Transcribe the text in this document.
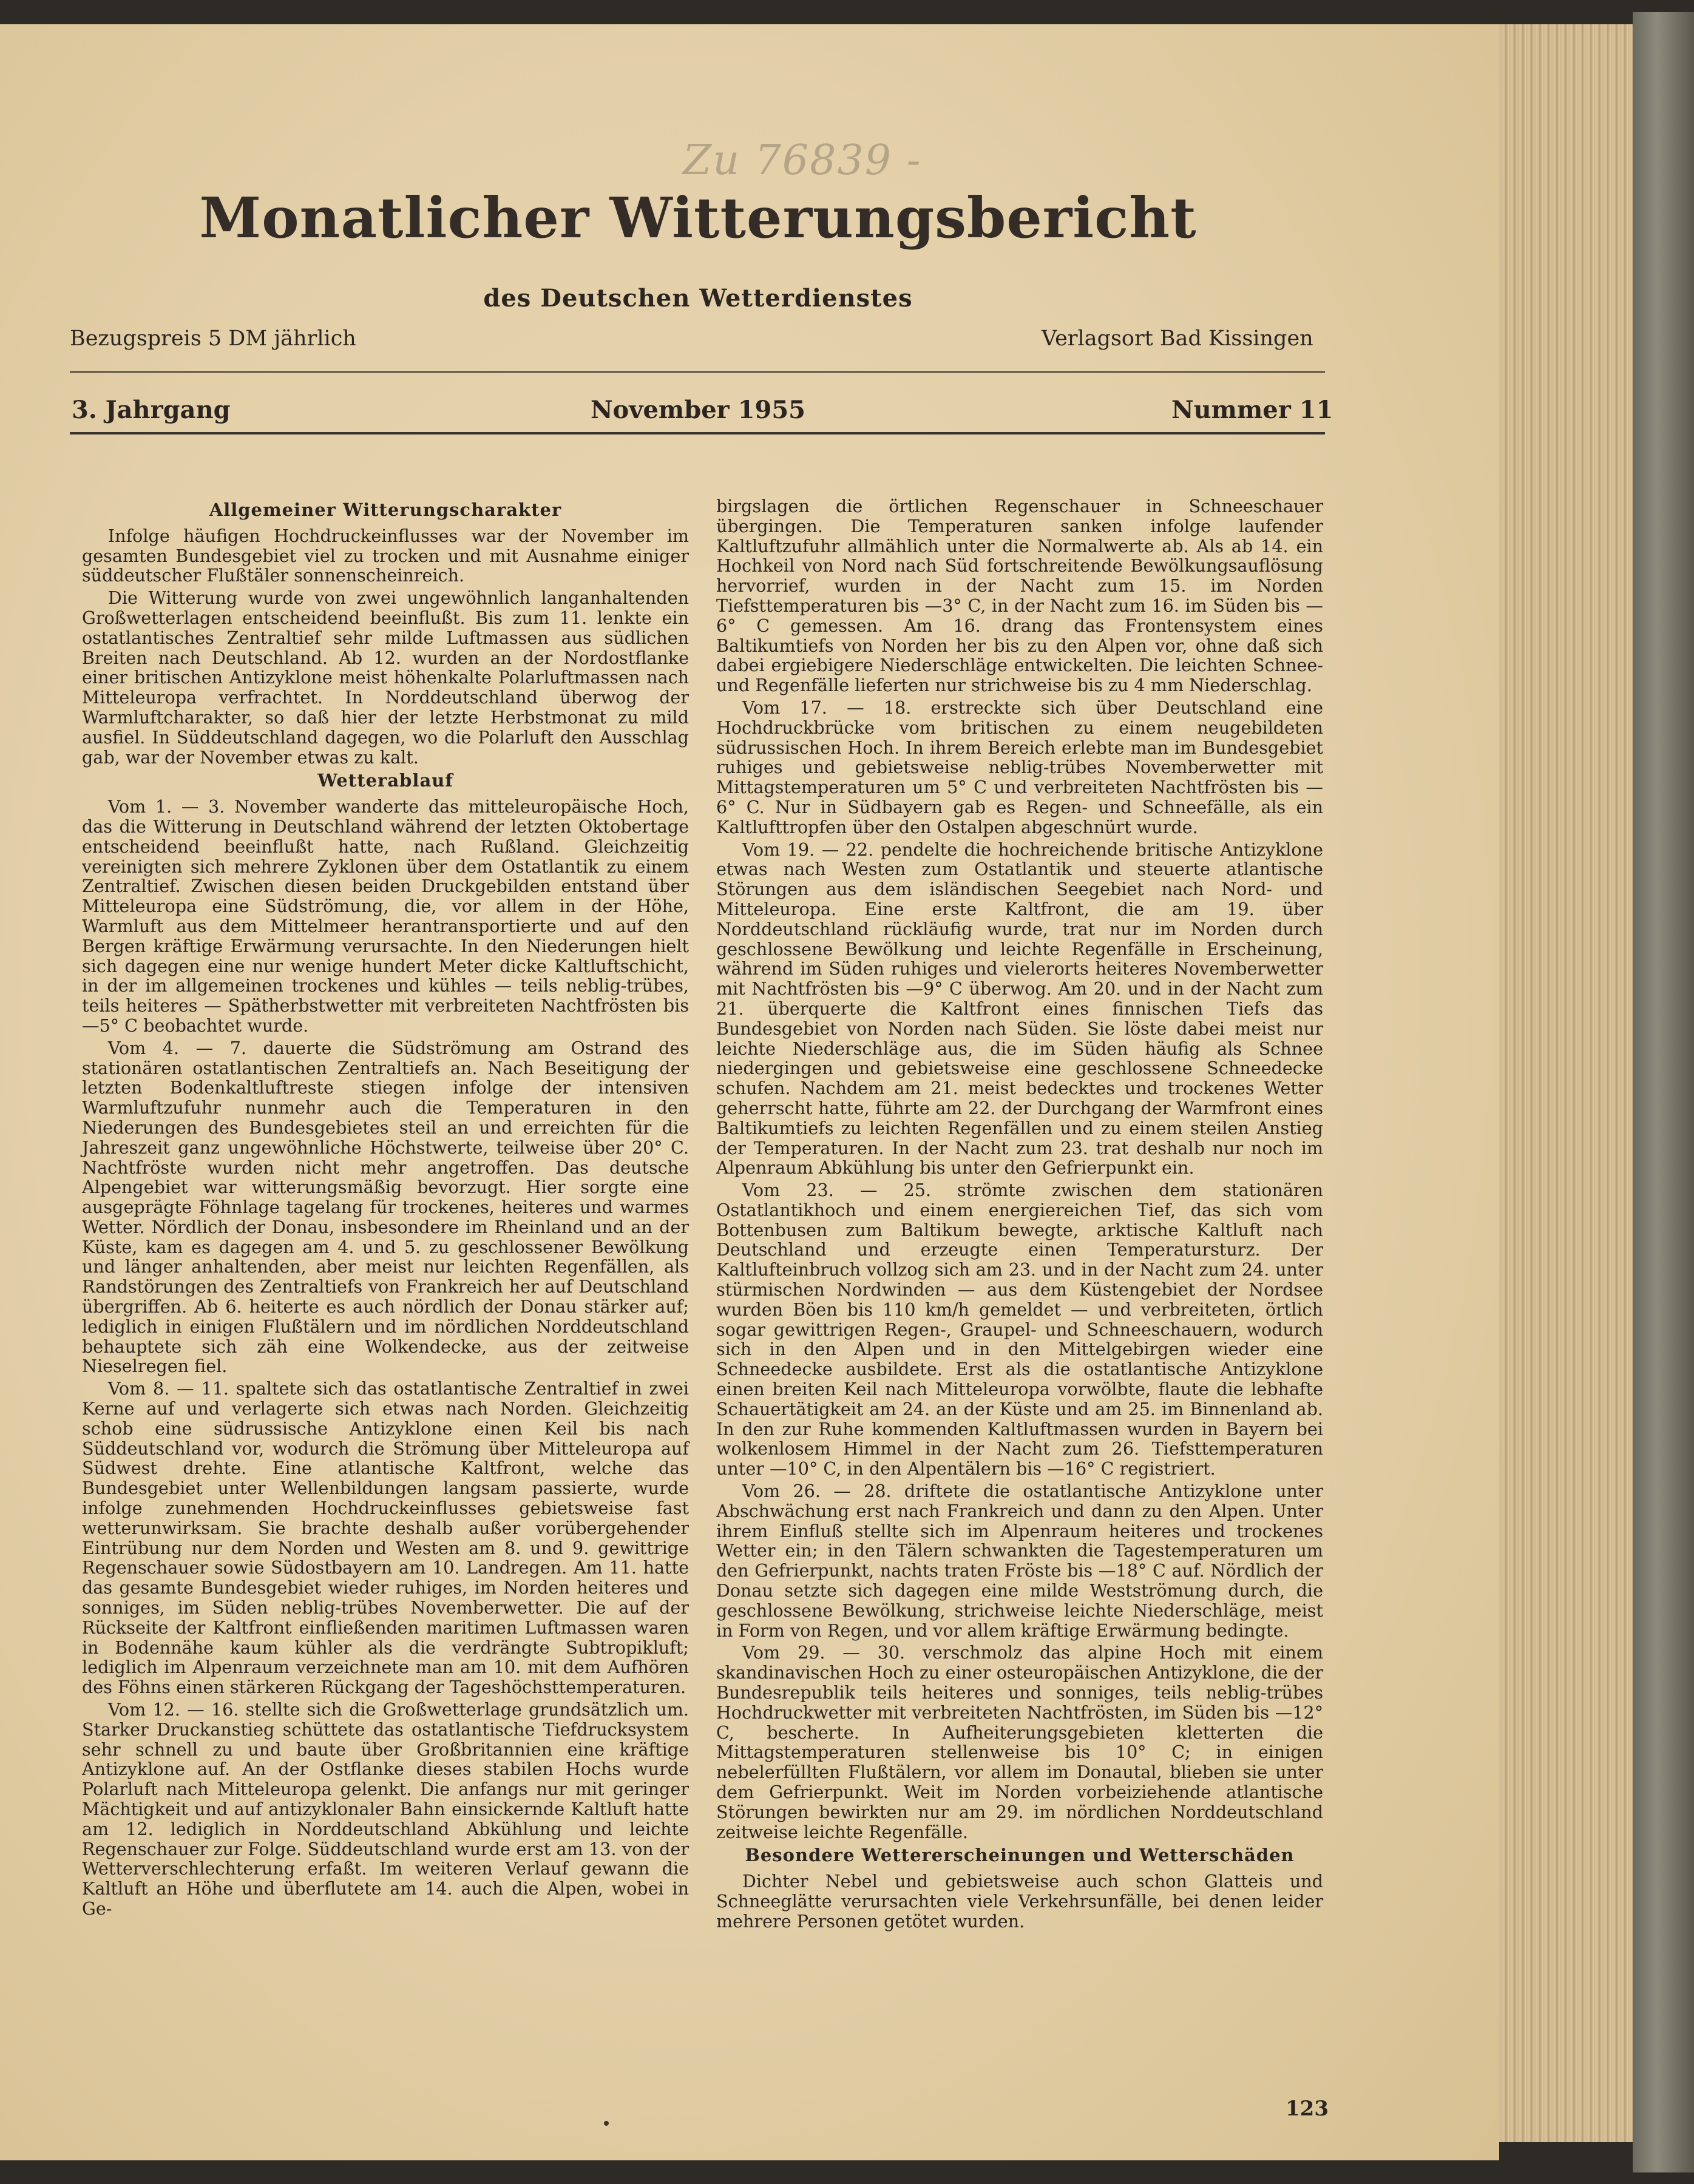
Zu 76839 -
Monatlicher Witterungsbericht
des Deutschen Wetterdienstes
Bezugspreis 5 DM jährlich	Verlagsort Bad Kissingen
3. Jahrgang	November 1955	Nummer 11
Allgemeiner Witterungscharakter

Infolge häufigen Hochdruckeinflusses war der November im gesamten Bundesgebiet viel zu trocken und mit Ausnahme einiger süddeutscher Flußtäler sonnenscheinreich.

Die Witterung wurde von zwei ungewöhnlich langanhaltenden Großwetterlagen entscheidend beeinflußt. Bis zum 11. lenkte ein ostatlantisches Zentraltief sehr milde Luftmassen aus südlichen Breiten nach Deutschland. Ab 12. wurden an der Nordostflanke einer britischen Antizyklone meist höhenkalte Polarluftmassen nach Mitteleuropa verfrachtet. In Norddeutschland überwog der Warmluftcharakter, so daß hier der letzte Herbstmonat zu mild ausfiel. In Süddeutschland dagegen, wo die Polarluft den Ausschlag gab, war der November etwas zu kalt.

Wetterablauf

Vom 1. — 3. November wanderte das mitteleuropäische Hoch, das die Witterung in Deutschland während der letzten Oktobertage entscheidend beeinflußt hatte, nach Rußland. Gleichzeitig vereinigten sich mehrere Zyklonen über dem Ostatlantik zu einem Zentraltief. Zwischen diesen beiden Druckgebilden entstand über Mitteleuropa eine Südströmung, die, vor allem in der Höhe, Warmluft aus dem Mittelmeer herantransportierte und auf den Bergen kräftige Erwärmung verursachte. In den Niederungen hielt sich dagegen eine nur wenige hundert Meter dicke Kaltluftschicht, in der im allgemeinen trockenes und kühles — teils neblig-trübes, teils heiteres — Spätherbstwetter mit verbreiteten Nachtfrösten bis —5° C beobachtet wurde.

Vom 4. — 7. dauerte die Südströmung am Ostrand des stationären ostatlantischen Zentraltiefs an. Nach Beseitigung der letzten Bodenkaltluftreste stiegen infolge der intensiven Warmluftzufuhr nunmehr auch die Temperaturen in den Niederungen des Bundesgebietes steil an und erreichten für die Jahreszeit ganz ungewöhnliche Höchstwerte, teilweise über 20° C. Nachtfröste wurden nicht mehr angetroffen. Das deutsche Alpengebiet war witterungsmäßig bevorzugt. Hier sorgte eine ausgeprägte Föhnlage tagelang für trockenes, heiteres und warmes Wetter. Nördlich der Donau, insbesondere im Rheinland und an der Küste, kam es dagegen am 4. und 5. zu geschlossener Bewölkung und länger anhaltenden, aber meist nur leichten Regenfällen, als Randstörungen des Zentraltiefs von Frankreich her auf Deutschland übergriffen. Ab 6. heiterte es auch nördlich der Donau stärker auf; lediglich in einigen Flußtälern und im nördlichen Norddeutschland behauptete sich zäh eine Wolkendecke, aus der zeitweise Nieselregen fiel.

Vom 8. — 11. spaltete sich das ostatlantische Zentraltief in zwei Kerne auf und verlagerte sich etwas nach Norden. Gleichzeitig schob eine südrussische Antizyklone einen Keil bis nach Süddeutschland vor, wodurch die Strömung über Mitteleuropa auf Südwest drehte. Eine atlantische Kaltfront, welche das Bundesgebiet unter Wellenbildungen langsam passierte, wurde infolge zunehmenden Hochdruckeinflusses gebietsweise fast wetterunwirksam. Sie brachte deshalb außer vorübergehender Eintrübung nur dem Norden und Westen am 8. und 9. gewittrige Regenschauer sowie Südostbayern am 10. Landregen. Am 11. hatte das gesamte Bundesgebiet wieder ruhiges, im Norden heiteres und sonniges, im Süden neblig-trübes Novemberwetter. Die auf der Rückseite der Kaltfront einfließenden maritimen Luftmassen waren in Bodennähe kaum kühler als die verdrängte Subtropikluft; lediglich im Alpenraum verzeichnete man am 10. mit dem Aufhören des Föhns einen stärkeren Rückgang der Tageshöchsttemperaturen.

Vom 12. — 16. stellte sich die Großwetterlage grundsätzlich um. Starker Druckanstieg schüttete das ostatlantische Tiefdrucksystem sehr schnell zu und baute über Großbritannien eine kräftige Antizyklone auf. An der Ostflanke dieses stabilen Hochs wurde Polarluft nach Mitteleuropa gelenkt. Die anfangs nur mit geringer Mächtigkeit und auf antizyklonaler Bahn einsickernde Kaltluft hatte am 12. lediglich in Norddeutschland Abkühlung und leichte Regenschauer zur Folge. Süddeutschland wurde erst am 13. von der Wetterverschlechterung erfaßt. Im weiteren Verlauf gewann die Kaltluft an Höhe und überflutete am 14. auch die Alpen, wobei in Ge-

birgslagen die örtlichen Regenschauer in Schneeschauer übergingen. Die Temperaturen sanken infolge laufender Kaltluftzufuhr allmählich unter die Normalwerte ab. Als ab 14. ein Hochkeil von Nord nach Süd fortschreitende Bewölkungsauflösung hervorrief, wurden in der Nacht zum 15. im Norden Tiefsttemperaturen bis —3° C, in der Nacht zum 16. im Süden bis —6° C gemessen. Am 16. drang das Frontensystem eines Baltikumtiefs von Norden her bis zu den Alpen vor, ohne daß sich dabei ergiebigere Niederschläge entwickelten. Die leichten Schnee- und Regenfälle lieferten nur strichweise bis zu 4 mm Niederschlag.

Vom 17. — 18. erstreckte sich über Deutschland eine Hochdruckbrücke vom britischen zu einem neugebildeten südrussischen Hoch. In ihrem Bereich erlebte man im Bundesgebiet ruhiges und gebietsweise neblig-trübes Novemberwetter mit Mittagstemperaturen um 5° C und verbreiteten Nachtfrösten bis —6° C. Nur in Südbayern gab es Regen- und Schneefälle, als ein Kaltlufttropfen über den Ostalpen abgeschnürt wurde.

Vom 19. — 22. pendelte die hochreichende britische Antizyklone etwas nach Westen zum Ostatlantik und steuerte atlantische Störungen aus dem isländischen Seegebiet nach Nord- und Mitteleuropa. Eine erste Kaltfront, die am 19. über Norddeutschland rückläufig wurde, trat nur im Norden durch geschlossene Bewölkung und leichte Regenfälle in Erscheinung, während im Süden ruhiges und vielerorts heiteres Novemberwetter mit Nachtfrösten bis —9° C überwog. Am 20. und in der Nacht zum 21. überquerte die Kaltfront eines finnischen Tiefs das Bundesgebiet von Norden nach Süden. Sie löste dabei meist nur leichte Niederschläge aus, die im Süden häufig als Schnee niedergingen und gebietsweise eine geschlossene Schneedecke schufen. Nachdem am 21. meist bedecktes und trockenes Wetter geherrscht hatte, führte am 22. der Durchgang der Warmfront eines Baltikumtiefs zu leichten Regenfällen und zu einem steilen Anstieg der Temperaturen. In der Nacht zum 23. trat deshalb nur noch im Alpenraum Abkühlung bis unter den Gefrierpunkt ein.

Vom 23. — 25. strömte zwischen dem stationären Ostatlantikhoch und einem energiereichen Tief, das sich vom Bottenbusen zum Baltikum bewegte, arktische Kaltluft nach Deutschland und erzeugte einen Temperatursturz. Der Kaltlufteinbruch vollzog sich am 23. und in der Nacht zum 24. unter stürmischen Nordwinden — aus dem Küstengebiet der Nordsee wurden Böen bis 110 km/h gemeldet — und verbreiteten, örtlich sogar gewittrigen Regen-, Graupel- und Schneeschauern, wodurch sich in den Alpen und in den Mittelgebirgen wieder eine Schneedecke ausbildete. Erst als die ostatlantische Antizyklone einen breiten Keil nach Mitteleuropa vorwölbte, flaute die lebhafte Schauertätigkeit am 24. an der Küste und am 25. im Binnenland ab. In den zur Ruhe kommenden Kaltluftmassen wurden in Bayern bei wolkenlosem Himmel in der Nacht zum 26. Tiefsttemperaturen unter —10° C, in den Alpentälern bis —16° C registriert.

Vom 26. — 28. driftete die ostatlantische Antizyklone unter Abschwächung erst nach Frankreich und dann zu den Alpen. Unter ihrem Einfluß stellte sich im Alpenraum heiteres und trockenes Wetter ein; in den Tälern schwankten die Tagestemperaturen um den Gefrierpunkt, nachts traten Fröste bis —18° C auf. Nördlich der Donau setzte sich dagegen eine milde Westströmung durch, die geschlossene Bewölkung, strichweise leichte Niederschläge, meist in Form von Regen, und vor allem kräftige Erwärmung bedingte.

Vom 29. — 30. verschmolz das alpine Hoch mit einem skandinavischen Hoch zu einer osteuropäischen Antizyklone, die der Bundesrepublik teils heiteres und sonniges, teils neblig-trübes Hochdruckwetter mit verbreiteten Nachtfrösten, im Süden bis —12° C, bescherte. In Aufheiterungsgebieten kletterten die Mittagstemperaturen stellenweise bis 10° C; in einigen nebelerfüllten Flußtälern, vor allem im Donautal, blieben sie unter dem Gefrierpunkt. Weit im Norden vorbeiziehende atlantische Störungen bewirkten nur am 29. im nördlichen Norddeutschland zeitweise leichte Regenfälle.

Besondere Wettererscheinungen und Wetterschäden

Dichter Nebel und gebietsweise auch schon Glatteis und Schneeglätte verursachten viele Verkehrsunfälle, bei denen leider mehrere Personen getötet wurden.

123
